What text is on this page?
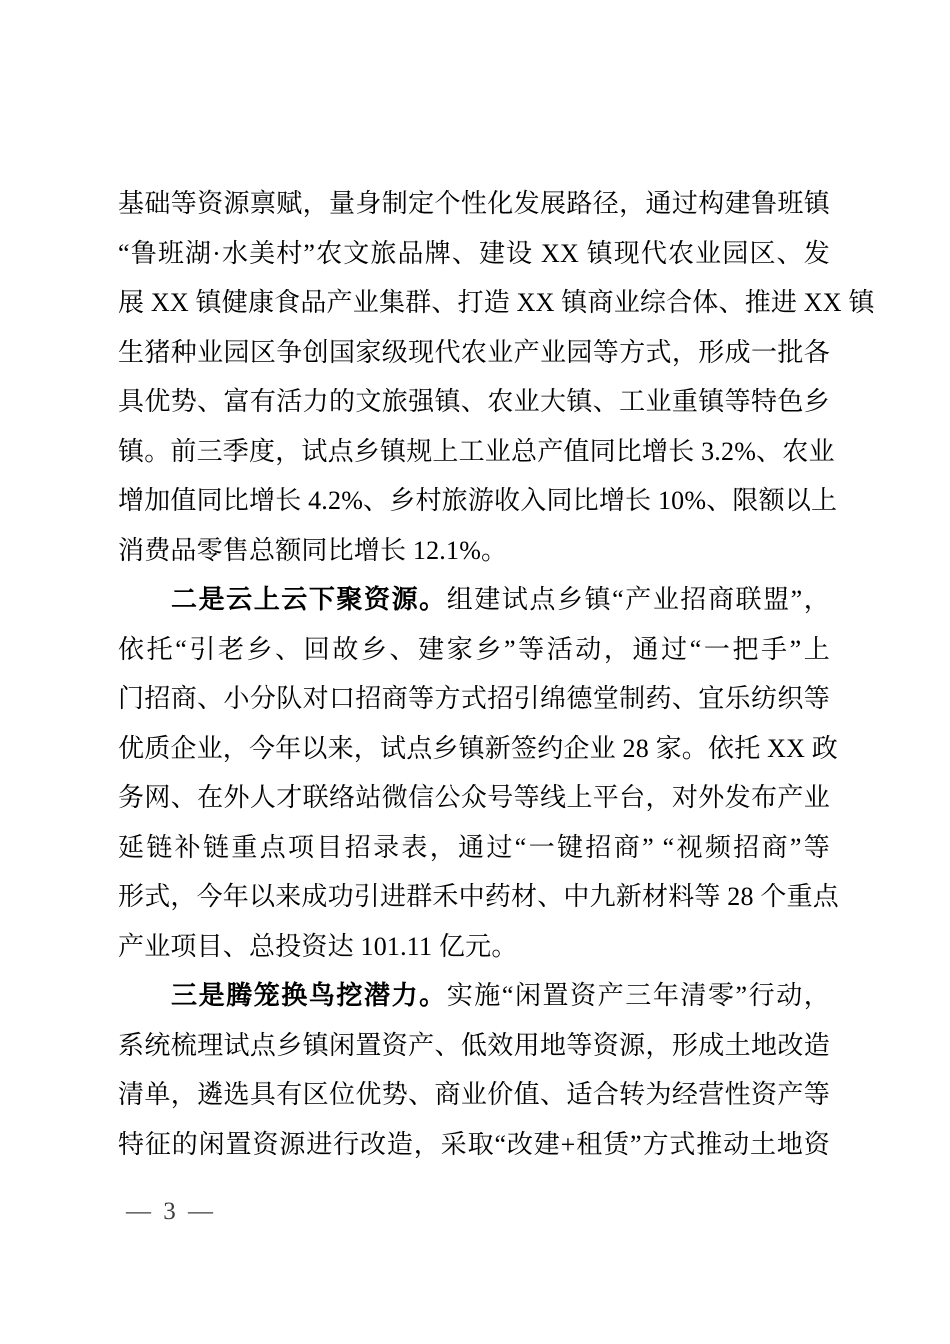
基础等资源禀赋，量身制定个性化发展路径，通过构建鲁班镇
“鲁班湖·水美村”农文旅品牌、建设 XX 镇现代农业园区、发
展 XX 镇健康食品产业集群、打造 XX 镇商业综合体、推进 XX 镇
生猪种业园区争创国家级现代农业产业园等方式，形成一批各
具优势、富有活力的文旅强镇、农业大镇、工业重镇等特色乡
镇。前三季度，试点乡镇规上工业总产值同比增长 3.2%、农业
增加值同比增长 4.2%、乡村旅游收入同比增长 10%、限额以上
消费品零售总额同比增长 12.1%。
二是云上云下聚资源。组建试点乡镇“产业招商联盟”，
依托“引老乡、回故乡、建家乡”等活动，通过“一把手”上
门招商、小分队对口招商等方式招引绵德堂制药、宜乐纺织等
优质企业，今年以来，试点乡镇新签约企业 28 家。依托 XX 政
务网、在外人才联络站微信公众号等线上平台，对外发布产业
延链补链重点项目招录表，通过“一键招商” “视频招商”等
形式，今年以来成功引进群禾中药材、中九新材料等 28 个重点
产业项目、总投资达 101.11 亿元。
三是腾笼换鸟挖潜力。实施“闲置资产三年清零”行动，
系统梳理试点乡镇闲置资产、低效用地等资源，形成土地改造
清单，遴选具有区位优势、商业价值、适合转为经营性资产等
特征的闲置资源进行改造，采取“改建+租赁”方式推动土地资
— 3 —
